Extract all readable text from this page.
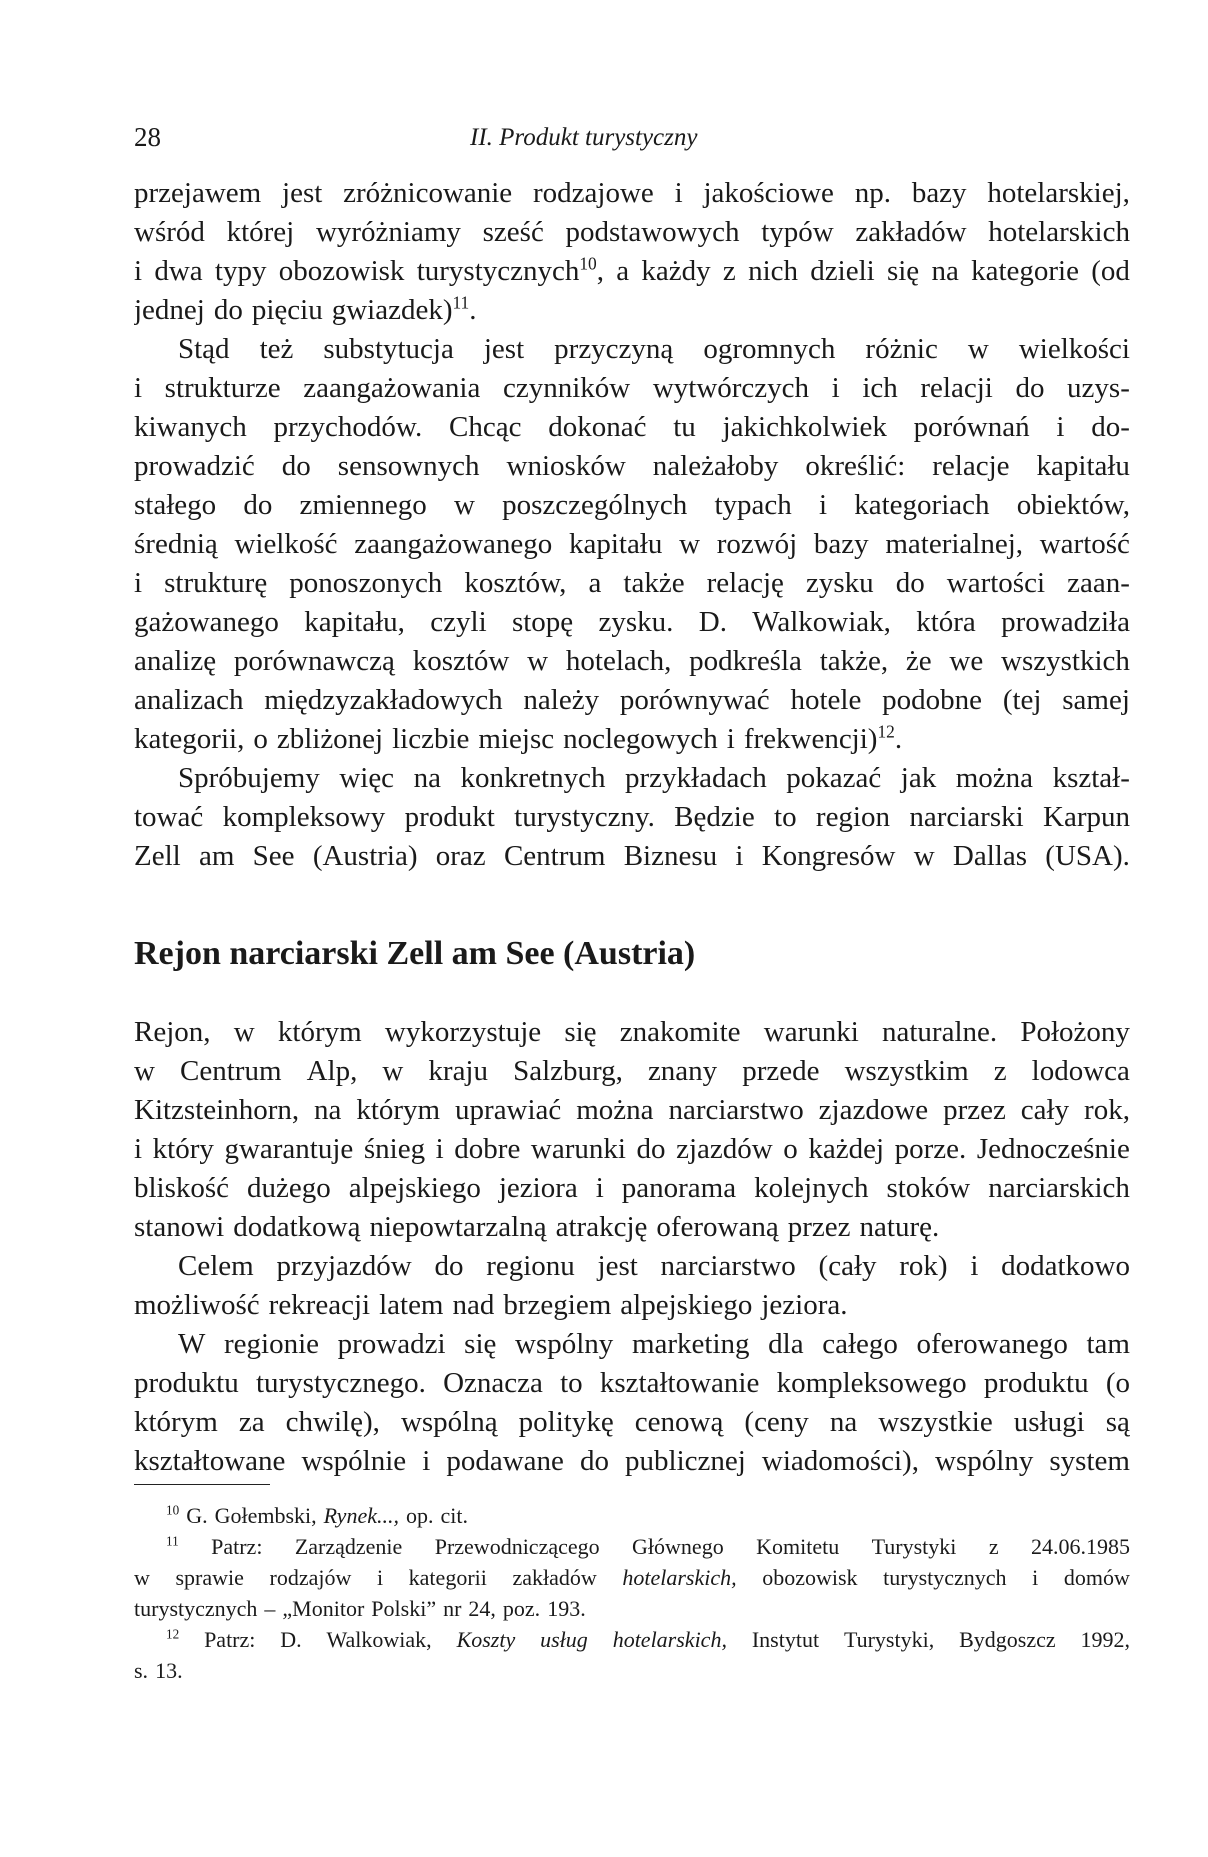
28	II. Produkt turystyczny
przejawem jest zróżnicowanie rodzajowe i jakościowe np. bazy hotelarskiej,
wśród której wyróżniamy sześć podstawowych typów zakładów hotelarskich
i dwa typy obozowisk turystycznych$^{10}$, a każdy z nich dzieli się na kategorie (od
jednej do pięciu gwiazdek)$^{11}$.
Stąd też substytucja jest przyczyną ogromnych różnic w wielkości
i strukturze zaangażowania czynników wytwórczych i ich relacji do uzys-
kiwanych przychodów. Chcąc dokonać tu jakichkolwiek porównań i do-
prowadzić do sensownych wniosków należałoby określić: relacje kapitału
stałego do zmiennego w poszczególnych typach i kategoriach obiektów,
średnią wielkość zaangażowanego kapitału w rozwój bazy materialnej, wartość
i strukturę ponoszonych kosztów, a także relację zysku do wartości zaan-
gażowanego kapitału, czyli stopę zysku. D. Walkowiak, która prowadziła
analizę porównawczą kosztów w hotelach, podkreśla także, że we wszystkich
analizach międzyzakładowych należy porównywać hotele podobne (tej samej
kategorii, o zbliżonej liczbie miejsc noclegowych i frekwencji)$^{12}$.
Spróbujemy więc na konkretnych przykładach pokazać jak można kształ-
tować kompleksowy produkt turystyczny. Będzie to region narciarski Karpun
Zell am See (Austria) oraz Centrum Biznesu i Kongresów w Dallas (USA).
Rejon narciarski Zell am See (Austria)
Rejon, w którym wykorzystuje się znakomite warunki naturalne. Położony
w Centrum Alp, w kraju Salzburg, znany przede wszystkim z lodowca
Kitzsteinhorn, na którym uprawiać można narciarstwo zjazdowe przez cały rok,
i który gwarantuje śnieg i dobre warunki do zjazdów o każdej porze. Jednocześnie
bliskość dużego alpejskiego jeziora i panorama kolejnych stoków narciarskich
stanowi dodatkową niepowtarzalną atrakcję oferowaną przez naturę.
Celem przyjazdów do regionu jest narciarstwo (cały rok) i dodatkowo
możliwość rekreacji latem nad brzegiem alpejskiego jeziora.
W regionie prowadzi się wspólny marketing dla całego oferowanego tam
produktu turystycznego. Oznacza to kształtowanie kompleksowego produktu (o
którym za chwilę), wspólną politykę cenową (ceny na wszystkie usługi są
kształtowane wspólnie i podawane do publicznej wiadomości), wspólny system
$^{10}$ G. Gołembski, Rynek..., op. cit.
$^{11}$ Patrz: Zarządzenie Przewodniczącego Głównego Komitetu Turystyki z 24.06.1985
w sprawie rodzajów i kategorii zakładów hotelarskich, obozowisk turystycznych i domów
turystycznych – „Monitor Polski” nr 24, poz. 193.
$^{12}$ Patrz: D. Walkowiak, Koszty usług hotelarskich, Instytut Turystyki, Bydgoszcz 1992,
s. 13.
